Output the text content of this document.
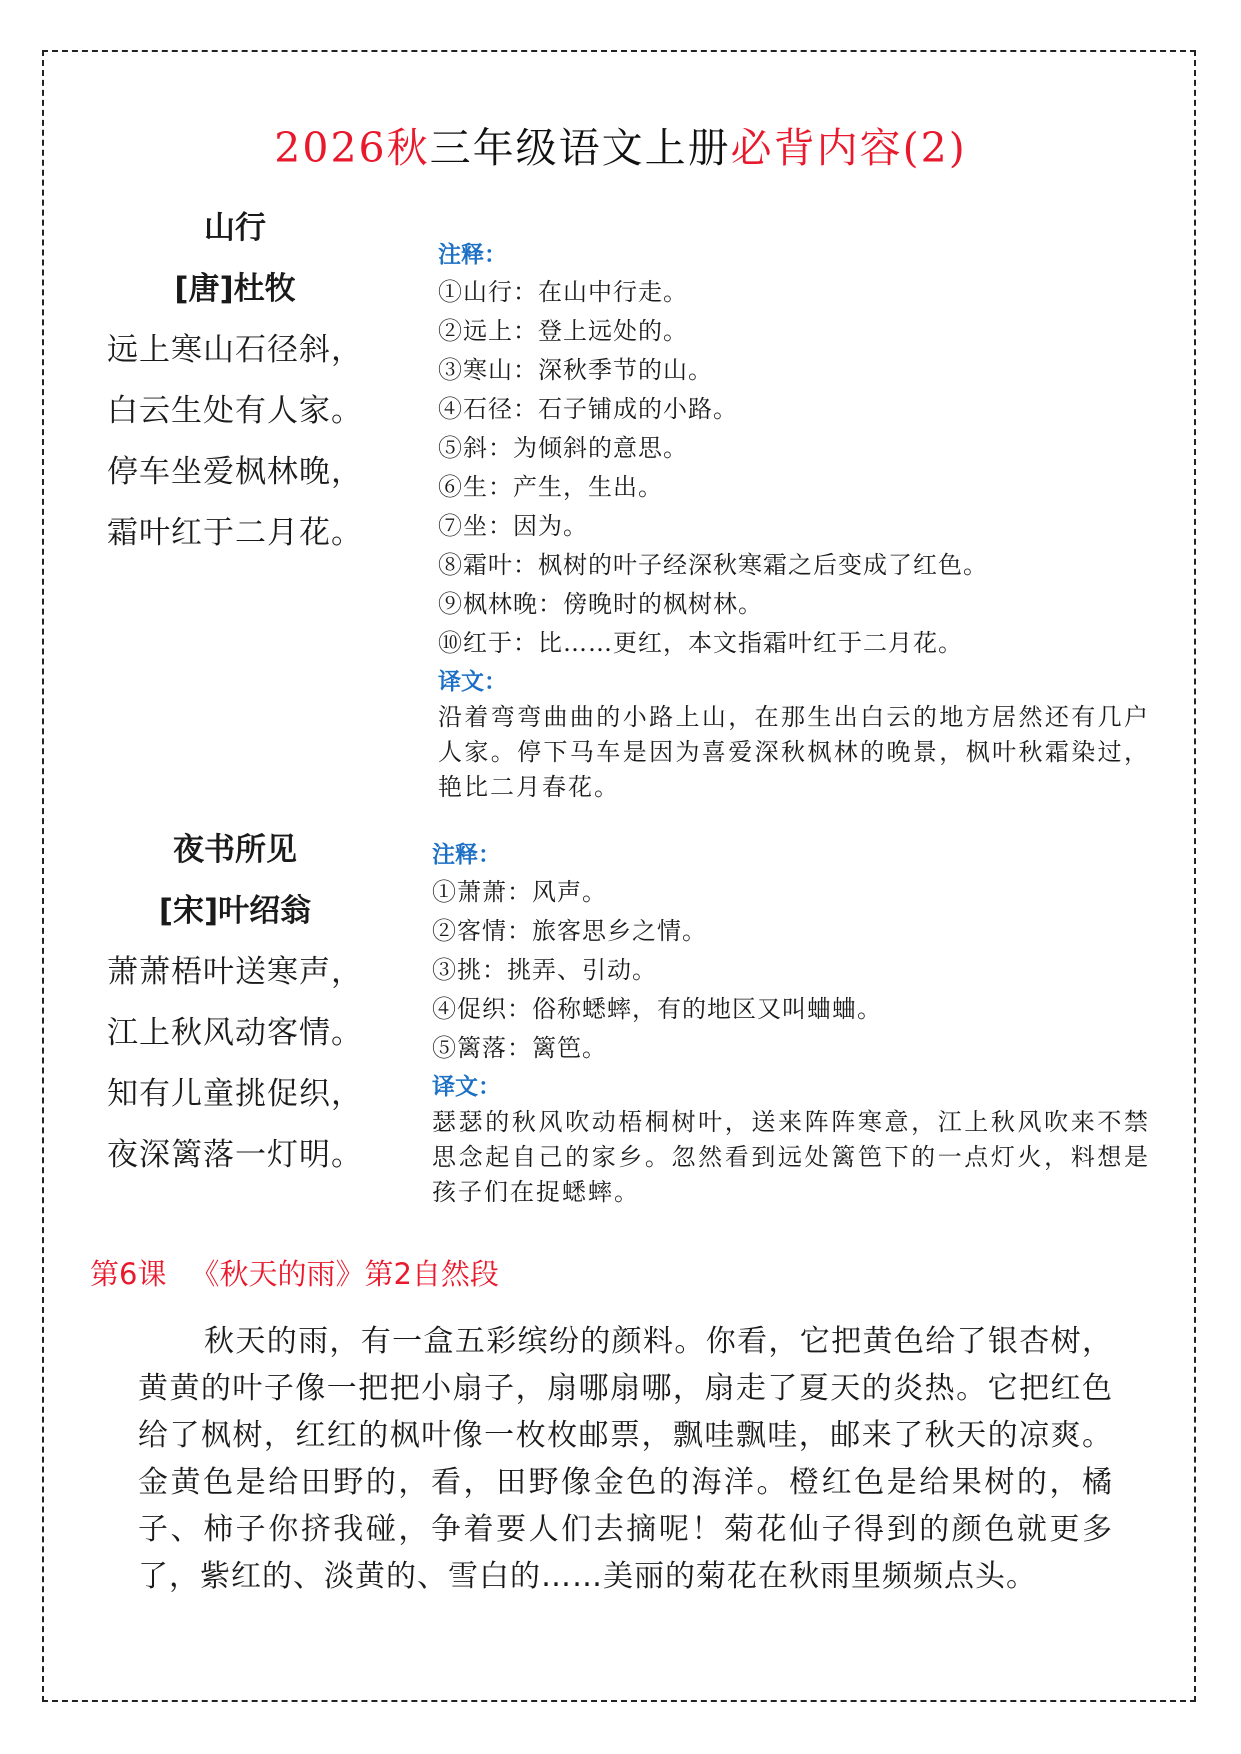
2026秋三年级语文上册必背内容(2)
山行
[唐]杜牧
远上寒山石径斜，
白云生处有人家。
停车坐爱枫林晚，
霜叶红于二月花。
注释：
①山行：在山中行走。
②远上：登上远处的。
③寒山：深秋季节的山。
④石径：石子铺成的小路。
⑤斜：为倾斜的意思。
⑥生：产生，生出。
⑦坐：因为。
⑧霜叶：枫树的叶子经深秋寒霜之后变成了红色。
⑨枫林晚：傍晚时的枫树林。
⑩红于：比……更红，本文指霜叶红于二月花。
译文：
沿着弯弯曲曲的小路上山，在那生出白云的地方居然还有几户人家。停下马车是因为喜爱深秋枫林的晚景，枫叶秋霜染过，艳比二月春花。
夜书所见
[宋]叶绍翁
萧萧梧叶送寒声，
江上秋风动客情。
知有儿童挑促织，
夜深篱落一灯明。
注释：
①萧萧：风声。
②客情：旅客思乡之情。
③挑：挑弄、引动。
④促织：俗称蟋蟀，有的地区又叫蛐蛐。
⑤篱落：篱笆。
译文：
瑟瑟的秋风吹动梧桐树叶，送来阵阵寒意，江上秋风吹来不禁思念起自己的家乡。忽然看到远处篱笆下的一点灯火，料想是孩子们在捉蟋蟀。
第6课 《秋天的雨》第2自然段
秋天的雨，有一盒五彩缤纷的颜料。你看，它把黄色给了银杏树，黄黄的叶子像一把把小扇子，扇哪扇哪，扇走了夏天的炎热。它把红色给了枫树，红红的枫叶像一枚枚邮票，飘哇飘哇，邮来了秋天的凉爽。金黄色是给田野的，看，田野像金色的海洋。橙红色是给果树的，橘子、柿子你挤我碰，争着要人们去摘呢！菊花仙子得到的颜色就更多了，紫红的、淡黄的、雪白的……美丽的菊花在秋雨里频频点头。
